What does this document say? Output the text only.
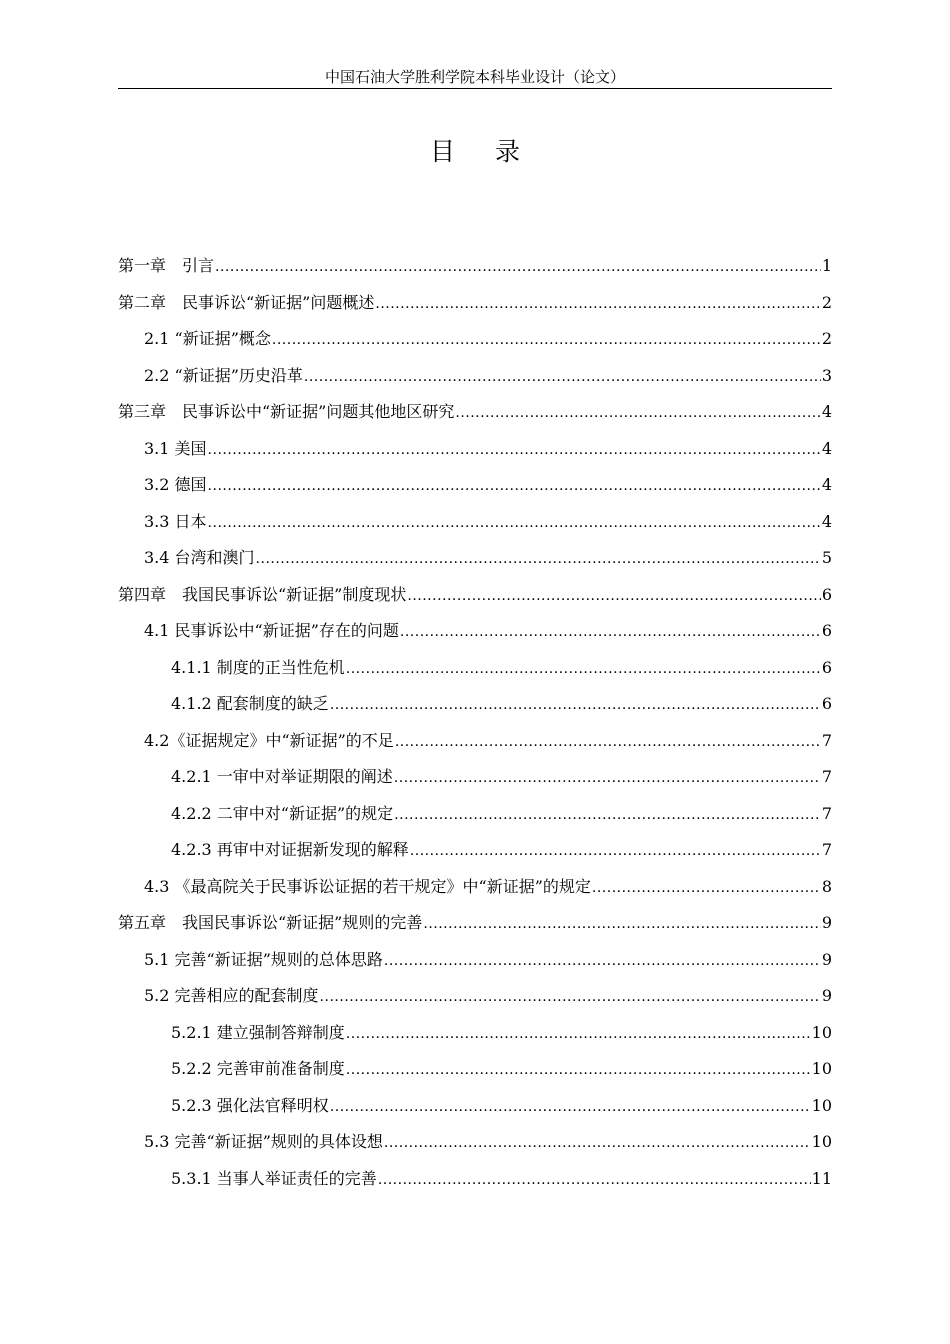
中国石油大学胜利学院本科毕业设计（论文）
目录
第一章　引言 .....	1
第二章　民事诉讼“新证据”问题概述 .....	2
2.1 “新证据”概念 .....	2
2.2 “新证据”历史沿革 .....	3
第三章　民事诉讼中“新证据”问题其他地区研究 .....	4
3.1 美国 .....	4
3.2 德国 .....	4
3.3 日本 .....	4
3.4 台湾和澳门 .....	5
第四章　我国民事诉讼“新证据”制度现状 .....	6
4.1 民事诉讼中“新证据”存在的问题 .....	6
4.1.1 制度的正当性危机 .....	6
4.1.2 配套制度的缺乏 .....	6
4.2《证据规定》中“新证据”的不足 .....	7
4.2.1 一审中对举证期限的阐述 .....	7
4.2.2 二审中对“新证据”的规定 .....	7
4.2.3 再审中对证据新发现的解释 .....	7
4.3 《最高院关于民事诉讼证据的若干规定》中“新证据”的规定 .....	8
第五章　我国民事诉讼“新证据”规则的完善 .....	9
5.1 完善“新证据”规则的总体思路 .....	9
5.2 完善相应的配套制度 .....	9
5.2.1 建立强制答辩制度 .....	10
5.2.2 完善审前准备制度 .....	10
5.2.3 强化法官释明权 .....	10
5.3 完善“新证据”规则的具体设想 .....	10
5.3.1 当事人举证责任的完善 .....	11
